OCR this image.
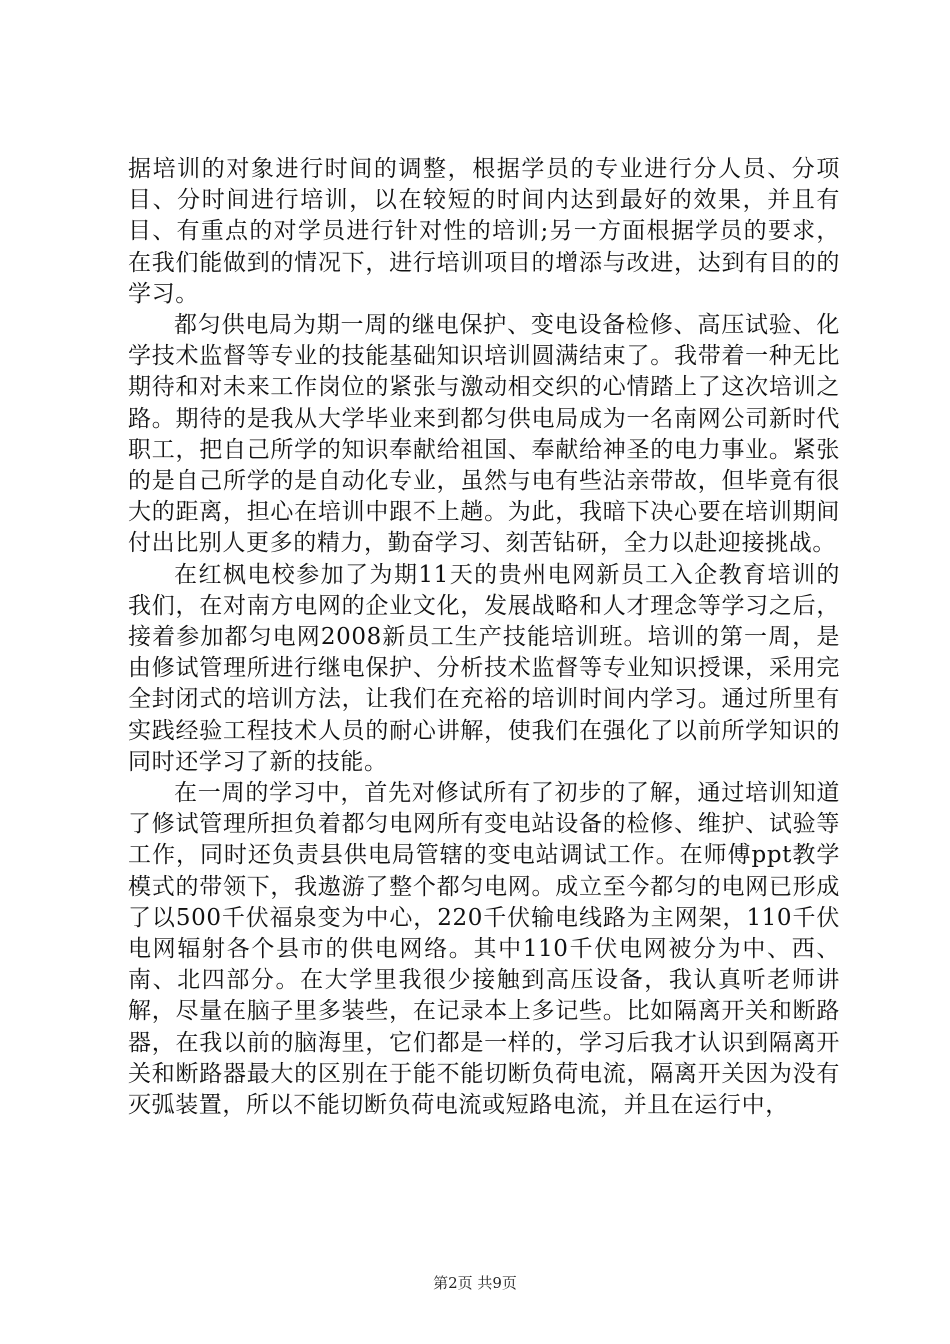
据培训的对象进行时间的调整，根据学员的专业进行分人员、分项目、分时间进行培训，以在较短的时间内达到最好的效果，并且有目、有重点的对学员进行针对性的培训;另一方面根据学员的要求，在我们能做到的情况下，进行培训项目的增添与改进，达到有目的的学习。

都匀供电局为期一周的继电保护、变电设备检修、高压试验、化学技术监督等专业的技能基础知识培训圆满结束了。我带着一种无比期待和对未来工作岗位的紧张与激动相交织的心情踏上了这次培训之路。期待的是我从大学毕业来到都匀供电局成为一名南网公司新时代职工，把自己所学的知识奉献给祖国、奉献给神圣的电力事业。紧张的是自己所学的是自动化专业，虽然与电有些沾亲带故，但毕竟有很大的距离，担心在培训中跟不上趟。为此，我暗下决心要在培训期间付出比别人更多的精力，勤奋学习、刻苦钻研，全力以赴迎接挑战。

在红枫电校参加了为期11天的贵州电网新员工入企教育培训的我们，在对南方电网的企业文化，发展战略和人才理念等学习之后，接着参加都匀电网2008新员工生产技能培训班。培训的第一周，是由修试管理所进行继电保护、分析技术监督等专业知识授课，采用完全封闭式的培训方法，让我们在充裕的培训时间内学习。通过所里有实践经验工程技术人员的耐心讲解，使我们在强化了以前所学知识的同时还学习了新的技能。

在一周的学习中，首先对修试所有了初步的了解，通过培训知道了修试管理所担负着都匀电网所有变电站设备的检修、维护、试验等工作，同时还负责县供电局管辖的变电站调试工作。在师傅ppt教学模式的带领下，我遨游了整个都匀电网。成立至今都匀的电网已形成了以500千伏福泉变为中心，220千伏输电线路为主网架，110千伏电网辐射各个县市的供电网络。其中110千伏电网被分为中、西、南、北四部分。在大学里我很少接触到高压设备，我认真听老师讲解，尽量在脑子里多装些，在记录本上多记些。比如隔离开关和断路器，在我以前的脑海里，它们都是一样的，学习后我才认识到隔离开关和断路器最大的区别在于能不能切断负荷电流，隔离开关因为没有灭弧装置，所以不能切断负荷电流或短路电流，并且在运行中，

第2页 共9页
